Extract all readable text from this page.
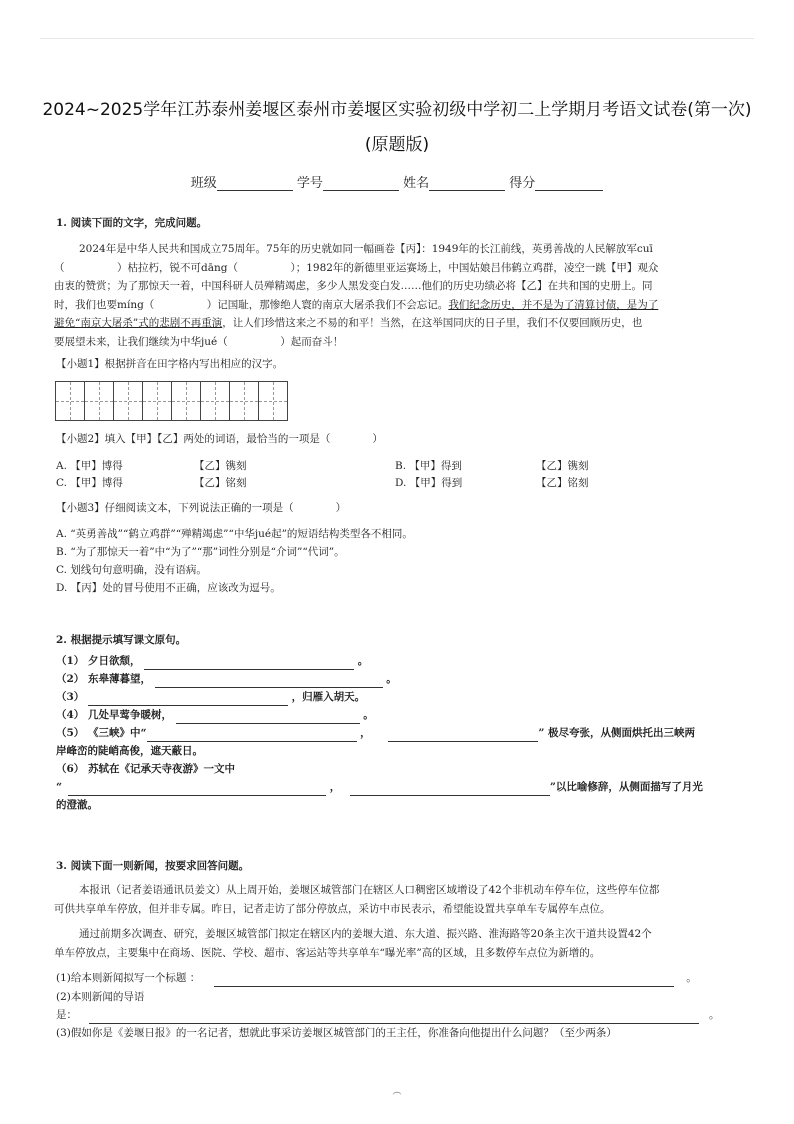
2024~2025学年江苏泰州姜堰区泰州市姜堰区实验初级中学初二上学期月考语文试卷(第一次)
(原题版)
班级	学号	姓名	得分
1. 阅读下面的文字，完成问题。
　　2024年是中华人民共和国成立75周年。75年的历史就如同一幅画卷【丙】：1949年的长江前线，英勇善战的人民解放军cuī
（　　　　　）枯拉朽，锐不可dāng（　　　　　）；1982年的新德里亚运赛场上，中国姑娘吕伟鹤立鸡群，凌空一跳【甲】观众
由衷的赞赏；为了那惊天一着，中国科研人员殚精竭虑，多少人黑发变白发……他们的历史功绩必将【乙】在共和国的史册上。同
时，我们也要míng（　　　　　）记国耻，那惨绝人寰的南京大屠杀我们不会忘记。我们纪念历史，并不是为了清算讨债，是为了
避免“南京大屠杀”式的悲剧不再重演，让人们珍惜这来之不易的和平！当然，在这举国同庆的日子里，我们不仅要回顾历史，也
要展望未来，让我们继续为中华jué（　　　　　）起而奋斗！
【小题1】根据拼音在田字格内写出相应的汉字。
【小题2】填入【甲】【乙】两处的词语，最恰当的一项是（　　　　）
A. 【甲】博得	【乙】镌刻	B. 【甲】得到	【乙】镌刻
C. 【甲】博得	【乙】铭刻	D. 【甲】得到	【乙】铭刻
【小题3】仔细阅读文本，下列说法正确的一项是（　　　　）
A. “英勇善战”“鹤立鸡群”“殚精竭虑”“中华jué起”的短语结构类型各不相同。
B. “为了那惊天一着”中“为了”“那”词性分别是“介词”“代词”。
C. 划线句句意明确，没有语病。
D. 【丙】处的冒号使用不正确，应该改为逗号。
2. 根据提示填写课文原句。
（1） 夕日欲颓，	。
（2） 东皋薄暮望，	。
（3）	，归雁入胡天。
（4） 几处早莺争暖树，	。
（5） 《三峡》中“	，	” 极尽夸张，从侧面烘托出三峡两
岸峰峦的陡峭高俊，遮天蔽日。
（6） 苏轼在《记承天寺夜游》一文中
“	，	”以比喻修辞，从侧面描写了月光
的澄澈。
3. 阅读下面一则新闻，按要求回答问题。
　　本报讯（记者姜语通讯员姜文）从上周开始，姜堰区城管部门在辖区人口稠密区域增设了42个非机动车停车位，这些停车位都
可供共享单车停放，但并非专属。昨日，记者走访了部分停放点，采访中市民表示，希望能设置共享单车专属停车点位。
　　通过前期多次调查、研究，姜堰区城管部门拟定在辖区内的姜堰大道、东大道、振兴路、淮海路等20条主次干道共设置42个
单车停放点，主要集中在商场、医院、学校、超市、客运站等共享单车“曝光率”高的区域，且多数停车点位为新增的。
(1)给本则新闻拟写一个标题 ：	。
(2)本则新闻的导语
是：	。
(3)假如你是《姜堰日报》的一名记者，想就此事采访姜堰区城管部门的王主任，你准备向他提出什么问题？（至少两条）
︵
